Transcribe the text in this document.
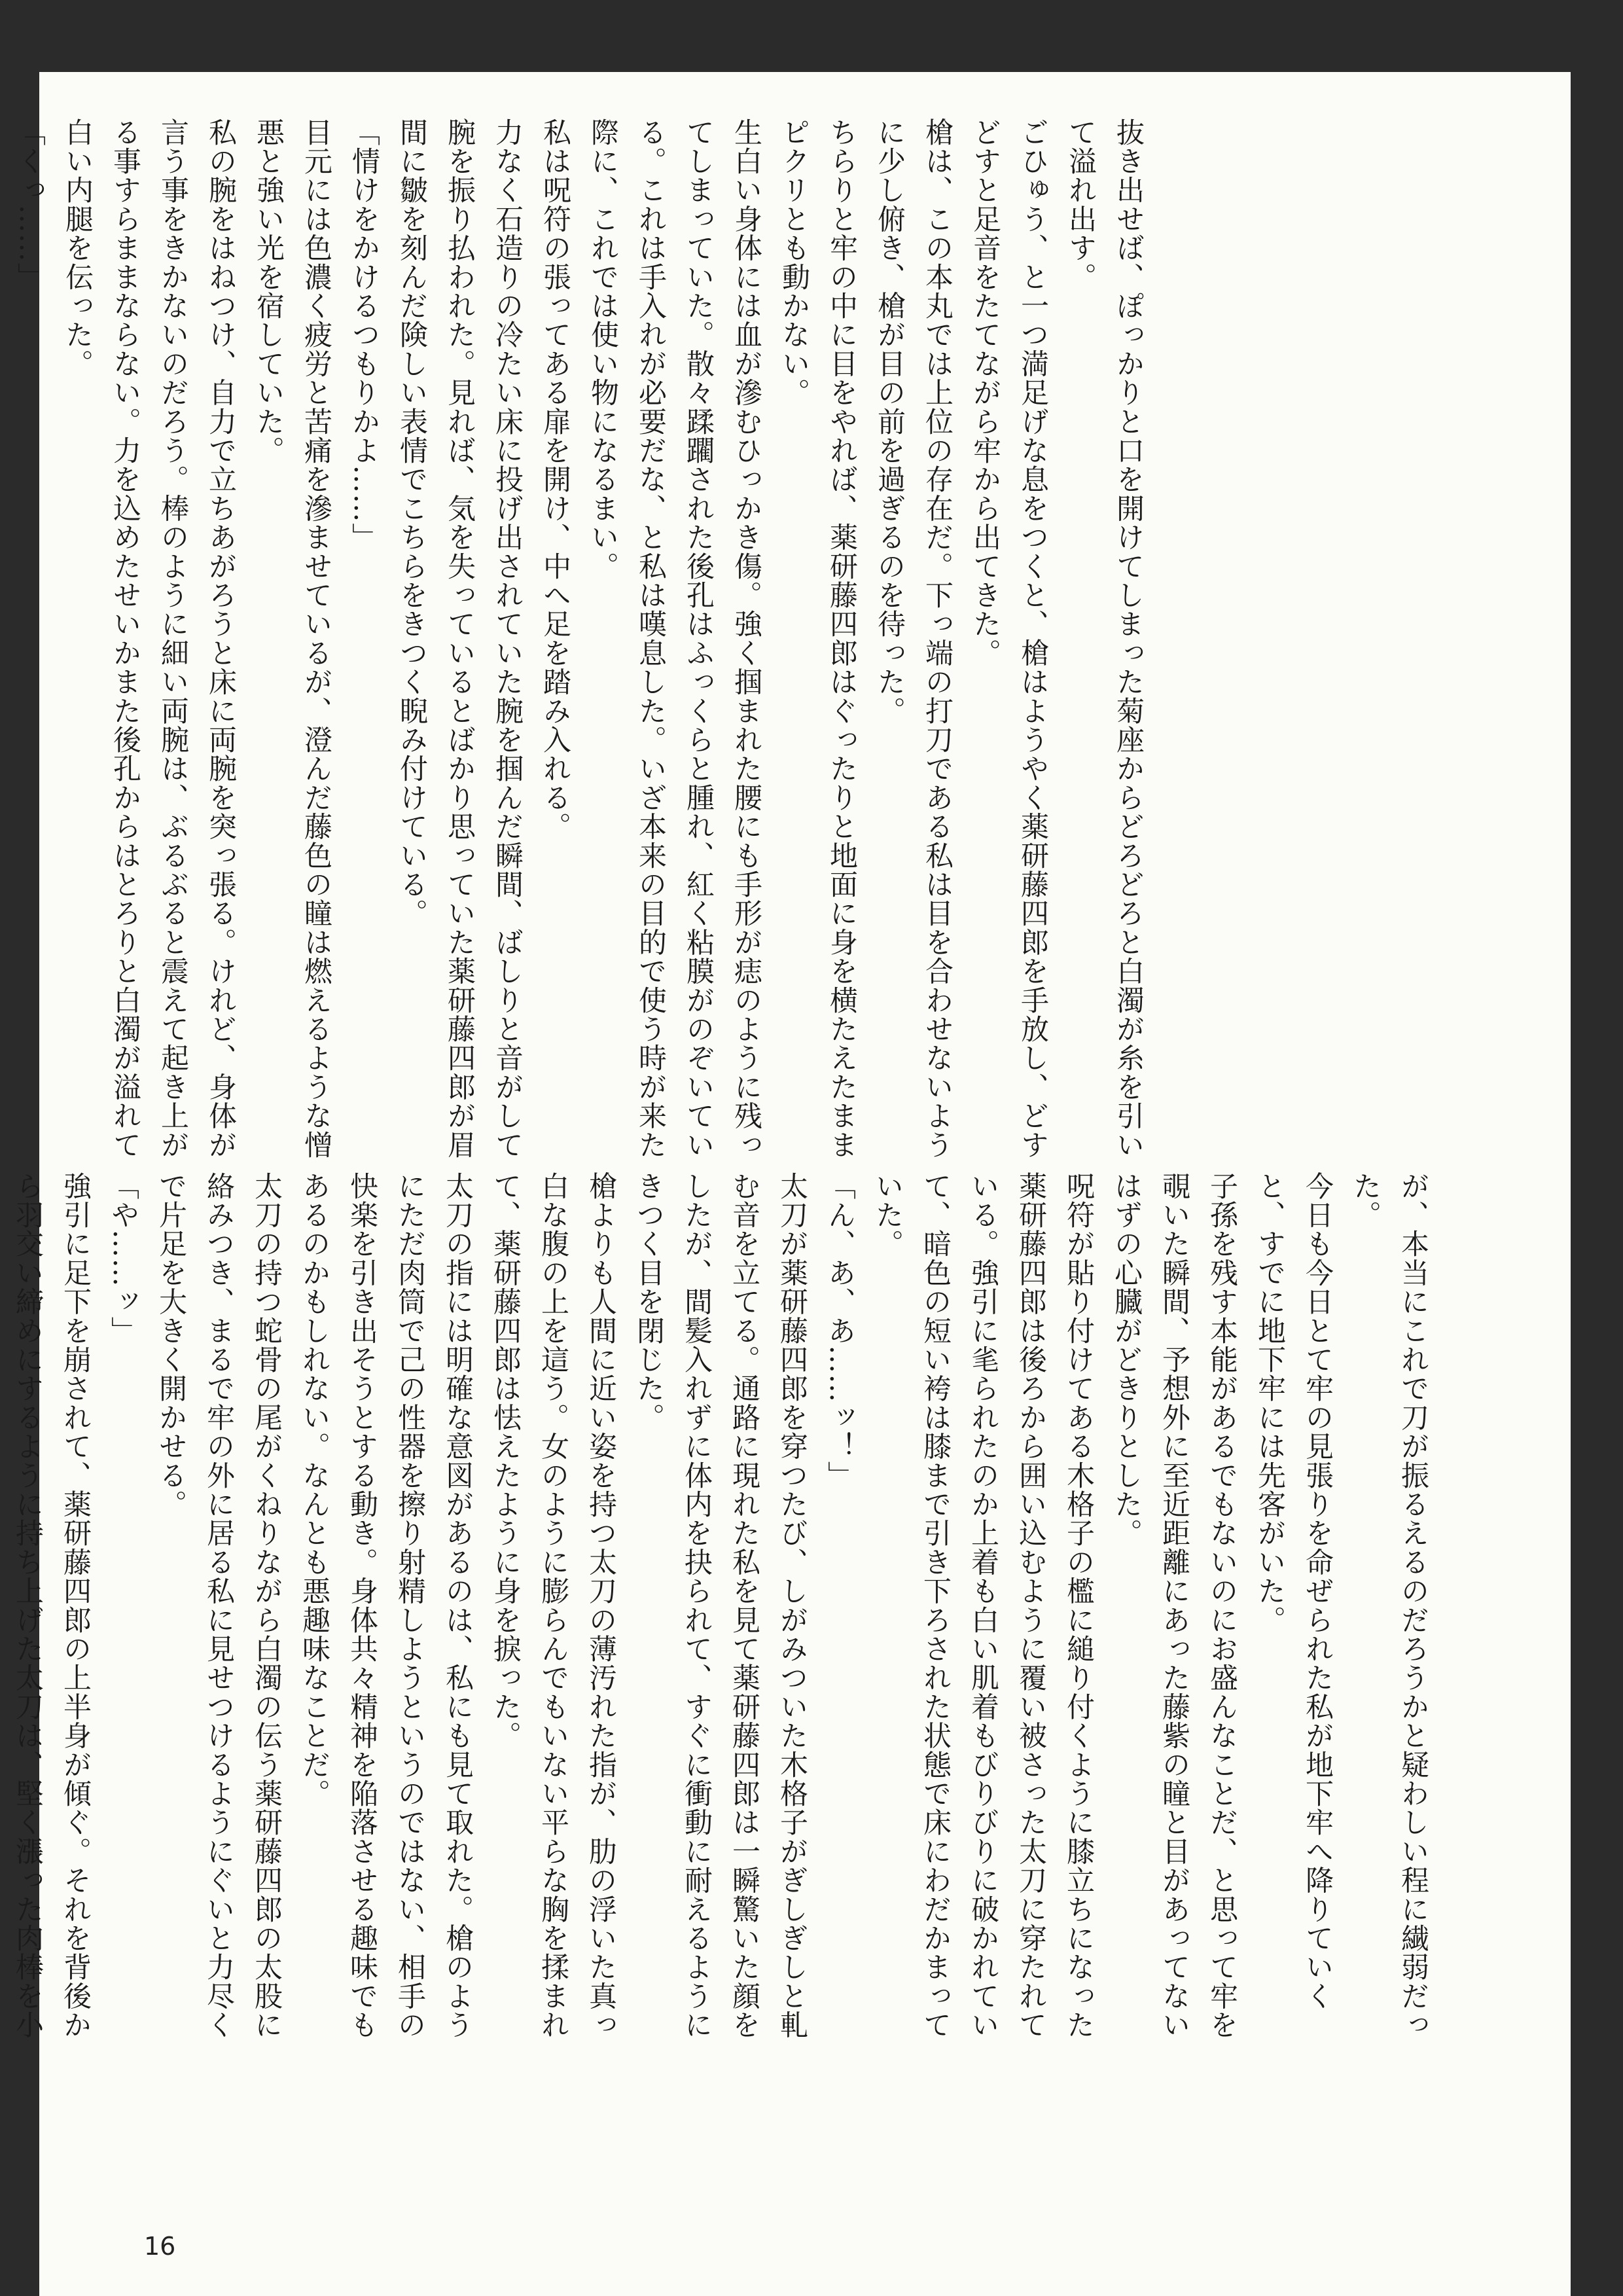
抜き出せば、ぽっかりと口を開けてしまった菊座からどろどろと白濁が糸を引いて溢れ出す。

ごひゅう、と一つ満足げな息をつくと、槍はようやく薬研藤四郎を手放し、どすどすと足音をたてながら牢から出てきた。

槍は、この本丸では上位の存在だ。下っ端の打刀である私は目を合わせないように少し俯き、槍が目の前を過ぎるのを待った。

ちらりと牢の中に目をやれば、薬研藤四郎はぐったりと地面に身を横たえたままピクリとも動かない。

生白い身体には血が滲むひっかき傷。強く掴まれた腰にも手形が痣のように残ってしまっていた。散々蹂躙された後孔はふっくらと腫れ、紅く粘膜がのぞいている。これは手入れが必要だな、と私は嘆息した。いざ本来の目的で使う時が来た際に、これでは使い物になるまい。

私は呪符の張ってある扉を開け、中へ足を踏み入れる。

力なく石造りの冷たい床に投げ出されていた腕を掴んだ瞬間、ばしりと音がして腕を振り払われた。見れば、気を失っているとばかり思っていた薬研藤四郎が眉間に皺を刻んだ険しい表情でこちらをきつく睨み付けている。

「情けをかけるつもりかよ……」

目元には色濃く疲労と苦痛を滲ませているが、澄んだ藤色の瞳は燃えるような憎悪と強い光を宿していた。

私の腕をはねつけ、自力で立ちあがろうと床に両腕を突っ張る。けれど、身体が言う事をきかないのだろう。棒のように細い両腕は、ぶるぶると震えて起き上がる事すらままならない。力を込めたせいかまた後孔からはとろりと白濁が溢れて白い内腿を伝った。

「くっ……」

が、本当にこれで刀が振るえるのだろうかと疑わしい程に繊弱だった。

今日も今日とて牢の見張りを命ぜられた私が地下牢へ降りていくと、すでに地下牢には先客がいた。

子孫を残す本能があるでもないのにお盛んなことだ、と思って牢を覗いた瞬間、予想外に至近距離にあった藤紫の瞳と目があってないはずの心臓がどきりとした。

呪符が貼り付けてある木格子の檻に縋り付くように膝立ちになった薬研藤四郎は後ろから囲い込むように覆い被さった太刀に穿たれている。強引に毟られたのか上着も白い肌着もびりびりに破かれていて、暗色の短い袴は膝まで引き下ろされた状態で床にわだかまっていた。

「ん、あ、あ……ッ！」

太刀が薬研藤四郎を穿つたび、しがみついた木格子がぎしぎしと軋む音を立てる。通路に現れた私を見て薬研藤四郎は一瞬驚いた顔をしたが、間髪入れずに体内を抉られて、すぐに衝動に耐えるようにきつく目を閉じた。

槍よりも人間に近い姿を持つ太刀の薄汚れた指が、肋の浮いた真っ白な腹の上を這う。女のように膨らんでもいない平らな胸を揉まれて、薬研藤四郎は怯えたように身を捩った。

太刀の指には明確な意図があるのは、私にも見て取れた。槍のようにただ肉筒で己の性器を擦り射精しようというのではない、相手の快楽を引き出そうとする動き。身体共々精神を陥落させる趣味でもあるのかもしれない。なんとも悪趣味なことだ。

太刀の持つ蛇骨の尾がくねりながら白濁の伝う薬研藤四郎の太股に絡みつき、まるで牢の外に居る私に見せつけるようにぐいと力尽くで片足を大きく開かせる。

「や……ッ」

強引に足下を崩されて、薬研藤四郎の上半身が傾ぐ。それを背後から羽交い締めにするように持ち上げた太刀は、堅く漲った肉棒を小

16
